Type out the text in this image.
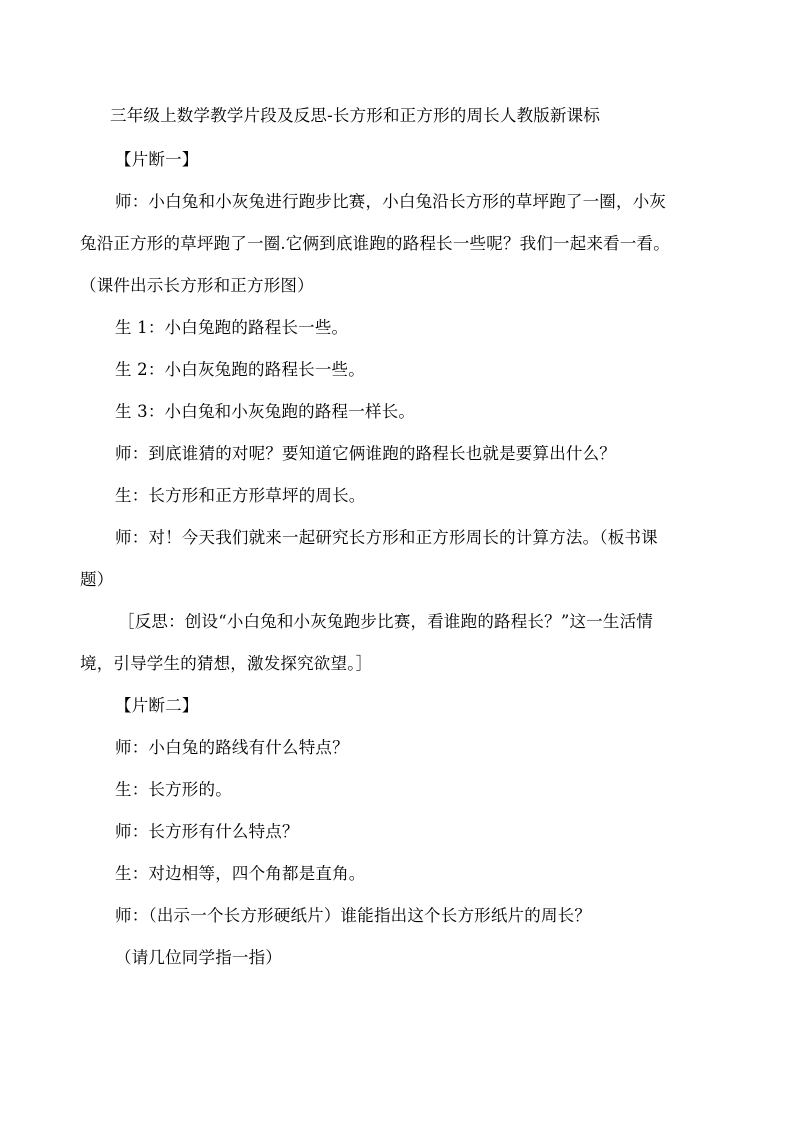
三年级上数学教学片段及反思-长方形和正方形的周长人教版新课标
【片断一】
师：小白兔和小灰兔进行跑步比赛，小白兔沿长方形的草坪跑了一圈，小灰
兔沿正方形的草坪跑了一圈.它俩到底谁跑的路程长一些呢？我们一起来看一看。
（课件出示长方形和正方形图）
生 1：小白兔跑的路程长一些。
生 2：小白灰兔跑的路程长一些。
生 3：小白兔和小灰兔跑的路程一样长。
师：到底谁猜的对呢？要知道它俩谁跑的路程长也就是要算出什么？
生：长方形和正方形草坪的周长。
师：对！今天我们就来一起研究长方形和正方形周长的计算方法。（板书课
题）
［反思：创设“小白兔和小灰兔跑步比赛，看谁跑的路程长？”这一生活情
境，引导学生的猜想，激发探究欲望。］
【片断二】
师：小白兔的路线有什么特点？
生：长方形的。
师：长方形有什么特点？
生：对边相等，四个角都是直角。
师：（出示一个长方形硬纸片）谁能指出这个长方形纸片的周长？
（请几位同学指一指）
